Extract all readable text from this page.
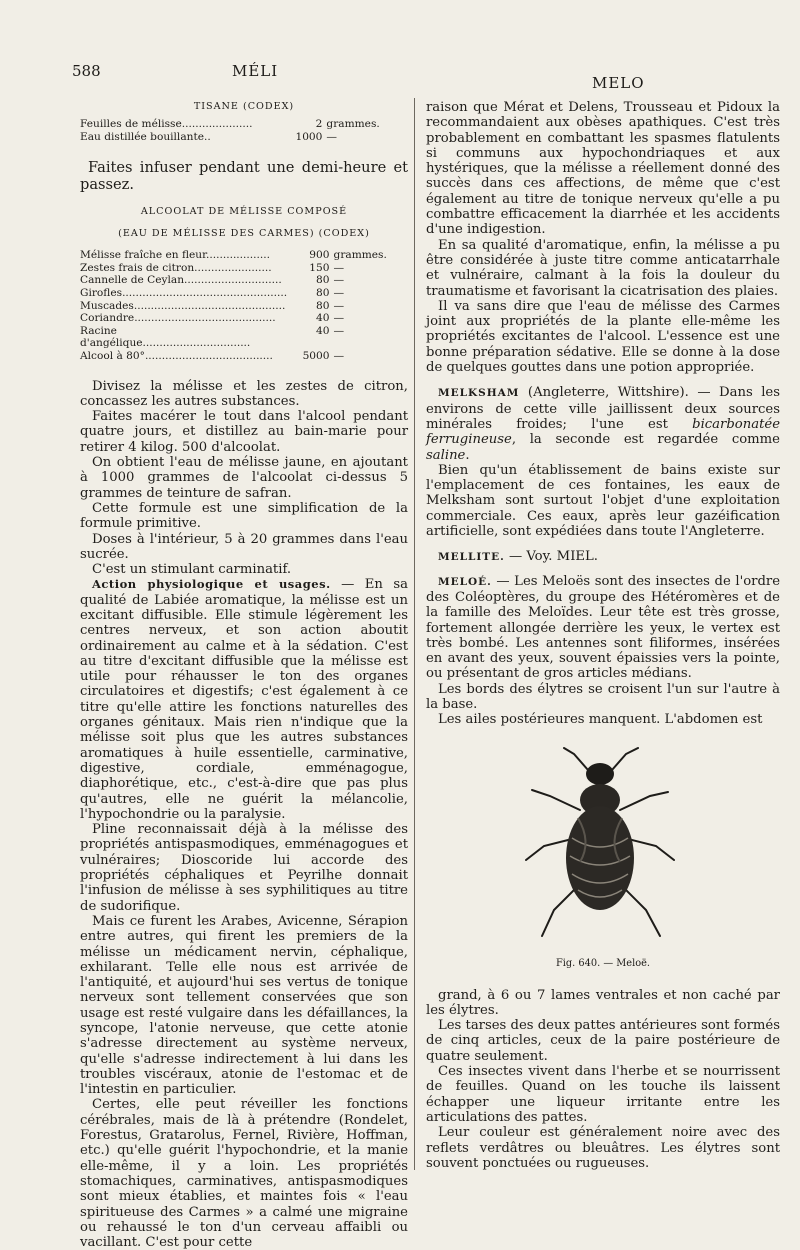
588	MÉLI
MELO
TISANE (CODEX)
Feuilles de mélisse.....................	2	grammes.
Eau distillée bouillante..	1000	—

Faites infuser pendant une demi-heure et passez.

ALCOOLAT DE MÉLISSE COMPOSÉ
(EAU DE MÉLISSE DES CARMES) (CODEX)
Mélisse fraîche en fleur...................	900	grammes.
Zestes frais de citron.......................	150	—
Cannelle de Ceylan.............................	80	—
Girofles.................................................	80	—
Muscades.............................................	80	—
Coriandre..........................................	40	—
Racine d'angélique................................	40	—
Alcool à 80°......................................	5000	—

Divisez la mélisse et les zestes de citron, concassez les autres substances.

Faites macérer le tout dans l'alcool pendant quatre jours, et distillez au bain-marie pour retirer 4 kilog. 500 d'alcoolat.

On obtient l'eau de mélisse jaune, en ajoutant à 1000 grammes de l'alcoolat ci-dessus 5 grammes de teinture de safran.

Cette formule est une simplification de la formule primitive.

Doses à l'intérieur, 5 à 20 grammes dans l'eau sucrée.

C'est un stimulant carminatif.

Action physiologique et usages. — En sa qualité de Labiée aromatique, la mélisse est un excitant diffusible. Elle stimule légèrement les centres nerveux, et son action aboutit ordinairement au calme et à la sédation. C'est au titre d'excitant diffusible que la mélisse est utile pour réhausser le ton des organes circulatoires et digestifs; c'est également à ce titre qu'elle attire les fonctions naturelles des organes génitaux. Mais rien n'indique que la mélisse soit plus que les autres substances aromatiques à huile essentielle, carminative, digestive, cordiale, emménagogue, diaphorétique, etc., c'est-à-dire que pas plus qu'autres, elle ne guérit la mélancolie, l'hypochondrie ou la paralysie.

Pline reconnaissait déjà à la mélisse des propriétés antispasmodiques, emménagogues et vulnéraires; Dioscoride lui accorde des propriétés céphaliques et Peyrilhe donnait l'infusion de mélisse à ses syphilitiques au titre de sudorifique.

Mais ce furent les Arabes, Avicenne, Sérapion entre autres, qui firent les premiers de la mélisse un médicament nervin, céphalique, exhilarant. Telle elle nous est arrivée de l'antiquité, et aujourd'hui ses vertus de tonique nerveux sont tellement conservées que son usage est resté vulgaire dans les défaillances, la syncope, l'atonie nerveuse, que cette atonie s'adresse directement au système nerveux, qu'elle s'adresse indirectement à lui dans les troubles viscéraux, atonie de l'estomac et de l'intestin en particulier.

Certes, elle peut réveiller les fonctions cérébrales, mais de là à prétendre (Rondelet, Forestus, Gratarolus, Fernel, Rivière, Hoffman, etc.) qu'elle guérit l'hypochondrie, et la manie elle-même, il y a loin. Les propriétés stomachiques, carminatives, antispasmodiques sont mieux établies, et maintes fois « l'eau spiritueuse des Carmes » a calmé une migraine ou rehaussé le ton d'un cerveau affaibli ou vacillant. C'est pour cette

raison que Mérat et Delens, Trousseau et Pidoux la recommandaient aux obèses apathiques. C'est très probablement en combattant les spasmes flatulents si communs aux hypochondriaques et aux hystériques, que la mélisse a réellement donné des succès dans ces affections, de même que c'est également au titre de tonique nerveux qu'elle a pu combattre efficacement la diarrhée et les accidents d'une indigestion.

En sa qualité d'aromatique, enfin, la mélisse a pu être considérée à juste titre comme anticatarrhale et vulnéraire, calmant à la fois la douleur du traumatisme et favorisant la cicatrisation des plaies.

Il va sans dire que l'eau de mélisse des Carmes joint aux propriétés de la plante elle-même les propriétés excitantes de l'alcool. L'essence est une bonne préparation sédative. Elle se donne à la dose de quelques gouttes dans une potion appropriée.

MELKSHAM (Angleterre, Wittshire). — Dans les environs de cette ville jaillissent deux sources minérales froides; l'une est bicarbonatée ferrugineuse, la seconde est regardée comme saline.

Bien qu'un établissement de bains existe sur l'emplacement de ces fontaines, les eaux de Melksham sont surtout l'objet d'une exploitation commerciale. Ces eaux, après leur gazéification artificielle, sont expédiées dans toute l'Angleterre.

MELLITE. — Voy. MIEL.

MELOÉ. — Les Meloës sont des insectes de l'ordre des Coléoptères, du groupe des Hétéromères et de la famille des Meloïdes. Leur tête est très grosse, fortement allongée derrière les yeux, le vertex est très bombé. Les antennes sont filiformes, insérées en avant des yeux, souvent épaissies vers la pointe, ou présentant de gros articles médians.

Les bords des élytres se croisent l'un sur l'autre à la base.

Les ailes postérieures manquent. L'abdomen est

Fig. 640. — Meloë.

grand, à 6 ou 7 lames ventrales et non caché par les élytres.

Les tarses des deux pattes antérieures sont formés de cinq articles, ceux de la paire postérieure de quatre seulement.

Ces insectes vivent dans l'herbe et se nourrissent de feuilles. Quand on les touche ils laissent échapper une liqueur irritante entre les articulations des pattes.

Leur couleur est généralement noire avec des reflets verdâtres ou bleuâtres. Les élytres sont souvent ponctuées ou rugueuses.
